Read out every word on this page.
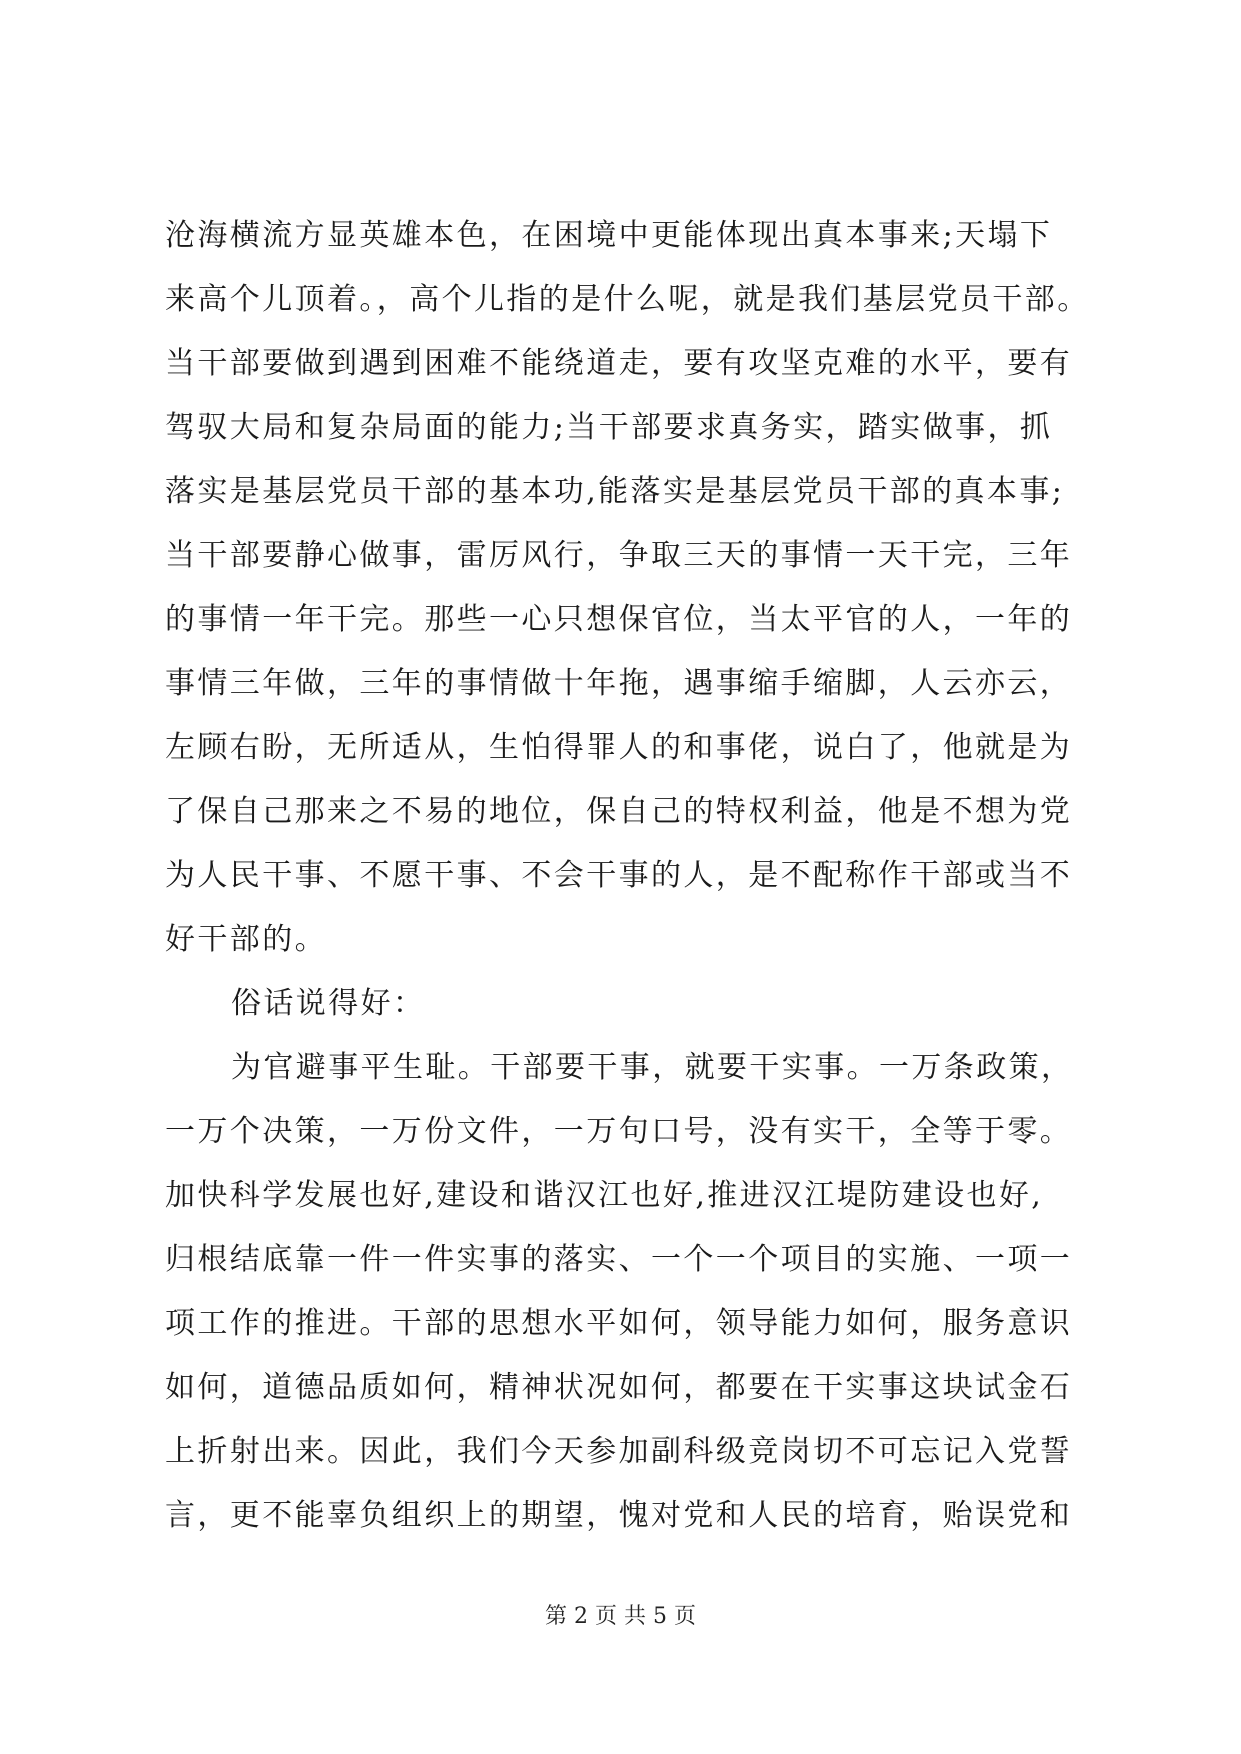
沧海横流方显英雄本色，在困境中更能体现出真本事来;天塌下
来高个儿顶着。，高个儿指的是什么呢，就是我们基层党员干部。
当干部要做到遇到困难不能绕道走，要有攻坚克难的水平，要有
驾驭大局和复杂局面的能力;当干部要求真务实，踏实做事，抓
落实是基层党员干部的基本功,能落实是基层党员干部的真本事;
当干部要静心做事，雷厉风行，争取三天的事情一天干完，三年
的事情一年干完。那些一心只想保官位，当太平官的人，一年的
事情三年做，三年的事情做十年拖，遇事缩手缩脚，人云亦云，
左顾右盼，无所适从，生怕得罪人的和事佬，说白了，他就是为
了保自己那来之不易的地位，保自己的特权利益，他是不想为党
为人民干事、不愿干事、不会干事的人，是不配称作干部或当不
好干部的。
俗话说得好：
为官避事平生耻。干部要干事，就要干实事。一万条政策，
一万个决策，一万份文件，一万句口号，没有实干，全等于零。
加快科学发展也好,建设和谐汉江也好,推进汉江堤防建设也好,
归根结底靠一件一件实事的落实、一个一个项目的实施、一项一
项工作的推进。干部的思想水平如何，领导能力如何，服务意识
如何，道德品质如何，精神状况如何，都要在干实事这块试金石
上折射出来。因此，我们今天参加副科级竞岗切不可忘记入党誓
言，更不能辜负组织上的期望，愧对党和人民的培育，贻误党和
第 2 页 共 5 页
